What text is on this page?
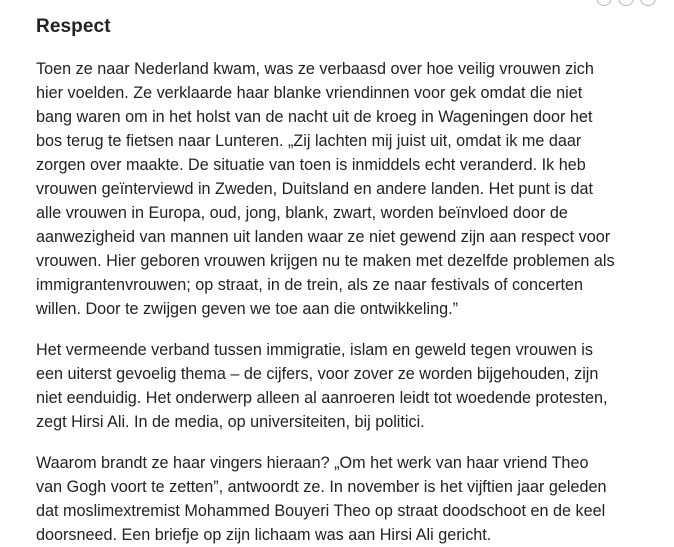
Respect

Toen ze naar Nederland kwam, was ze verbaasd over hoe veilig vrouwen zich
hier voelden. Ze verklaarde haar blanke vriendinnen voor gek omdat die niet
bang waren om in het holst van de nacht uit de kroeg in Wageningen door het
bos terug te fietsen naar Lunteren. „Zij lachten mij juist uit, omdat ik me daar
zorgen over maakte. De situatie van toen is inmiddels echt veranderd. Ik heb
vrouwen geïnterviewd in Zweden, Duitsland en andere landen. Het punt is dat
alle vrouwen in Europa, oud, jong, blank, zwart, worden beïnvloed door de
aanwezigheid van mannen uit landen waar ze niet gewend zijn aan respect voor
vrouwen. Hier geboren vrouwen krijgen nu te maken met dezelfde problemen als
immigrantenvrouwen; op straat, in de trein, als ze naar festivals of concerten
willen. Door te zwijgen geven we toe aan die ontwikkeling.”

Het vermeende verband tussen immigratie, islam en geweld tegen vrouwen is
een uiterst gevoelig thema – de cijfers, voor zover ze worden bijgehouden, zijn
niet eenduidig. Het onderwerp alleen al aanroeren leidt tot woedende protesten,
zegt Hirsi Ali. In de media, op universiteiten, bij politici.

Waarom brandt ze haar vingers hieraan? „Om het werk van haar vriend Theo
van Gogh voort te zetten”, antwoordt ze. In november is het vijftien jaar geleden
dat moslimextremist Mohammed Bouyeri Theo op straat doodschoot en de keel
doorsneed. Een briefje op zijn lichaam was aan Hirsi Ali gericht.
